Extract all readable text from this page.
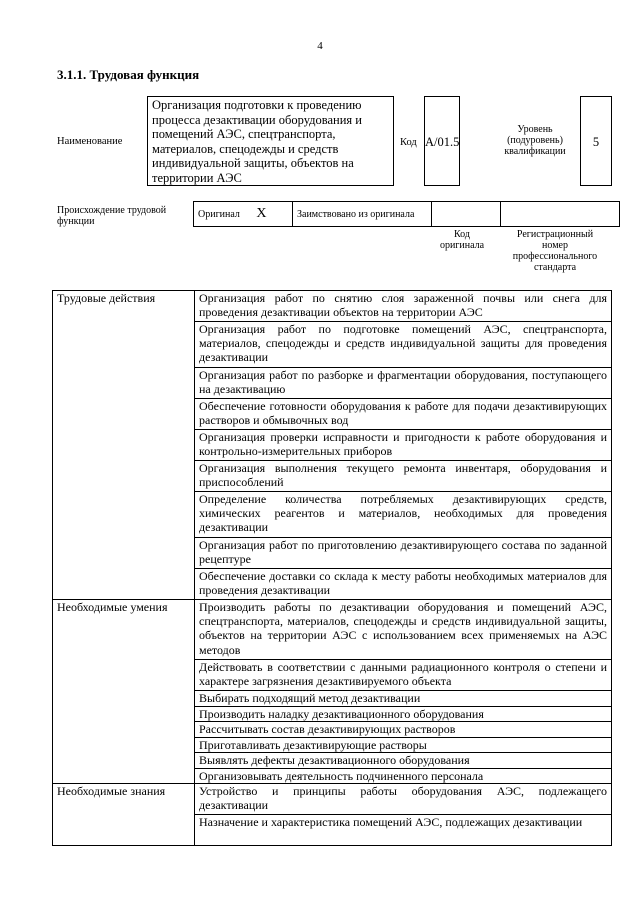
4
3.1.1. Трудовая функция
Наименование
Организация подготовки к проведению процесса дезактивации оборудования и помещений АЭС, спецтранспорта, материалов, спецодежды и средств индивидуальной защиты, объектов на территории АЭС
Код A/01.5
Уровень (подуровень) квалификации
5
Происхождение трудовой функции
Оригинал X	Заимствовано из оригинала		
Код оригинала
Регистрационный номер профессионального стандарта
Трудовые действия	Организация работ по снятию слоя зараженной почвы или снега для проведения дезактивации объектов на территории АЭС
	Организация работ по подготовке помещений АЭС, спецтранспорта, материалов, спецодежды и средств индивидуальной защиты для проведения дезактивации
	Организация работ по разборке и фрагментации оборудования, поступающего на дезактивацию
	Обеспечение готовности оборудования к работе для подачи дезактивирующих растворов и обмывочных вод
	Организация проверки исправности и пригодности к работе оборудования и контрольно-измерительных приборов
	Организация выполнения текущего ремонта инвентаря, оборудования и приспособлений
	Определение количества потребляемых дезактивирующих средств, химических реагентов и материалов, необходимых для проведения дезактивации
	Организация работ по приготовлению дезактивирующего состава по заданной рецептуре
	Обеспечение доставки со склада к месту работы необходимых материалов для проведения дезактивации
Необходимые умения	Производить работы по дезактивации оборудования и помещений АЭС, спецтранспорта, материалов, спецодежды и средств индивидуальной защиты, объектов на территории АЭС с использованием всех применяемых на АЭС методов
	Действовать в соответствии с данными радиационного контроля о степени и характере загрязнения дезактивируемого объекта
	Выбирать подходящий метод дезактивации
	Производить наладку дезактивационного оборудования
	Рассчитывать состав дезактивирующих растворов
	Приготавливать дезактивирующие растворы
	Выявлять дефекты дезактивационного оборудования
	Организовывать деятельность подчиненного персонала
Необходимые знания	Устройство и принципы работы оборудования АЭС, подлежащего дезактивации
	Назначение и характеристика помещений АЭС, подлежащих дезактивации
